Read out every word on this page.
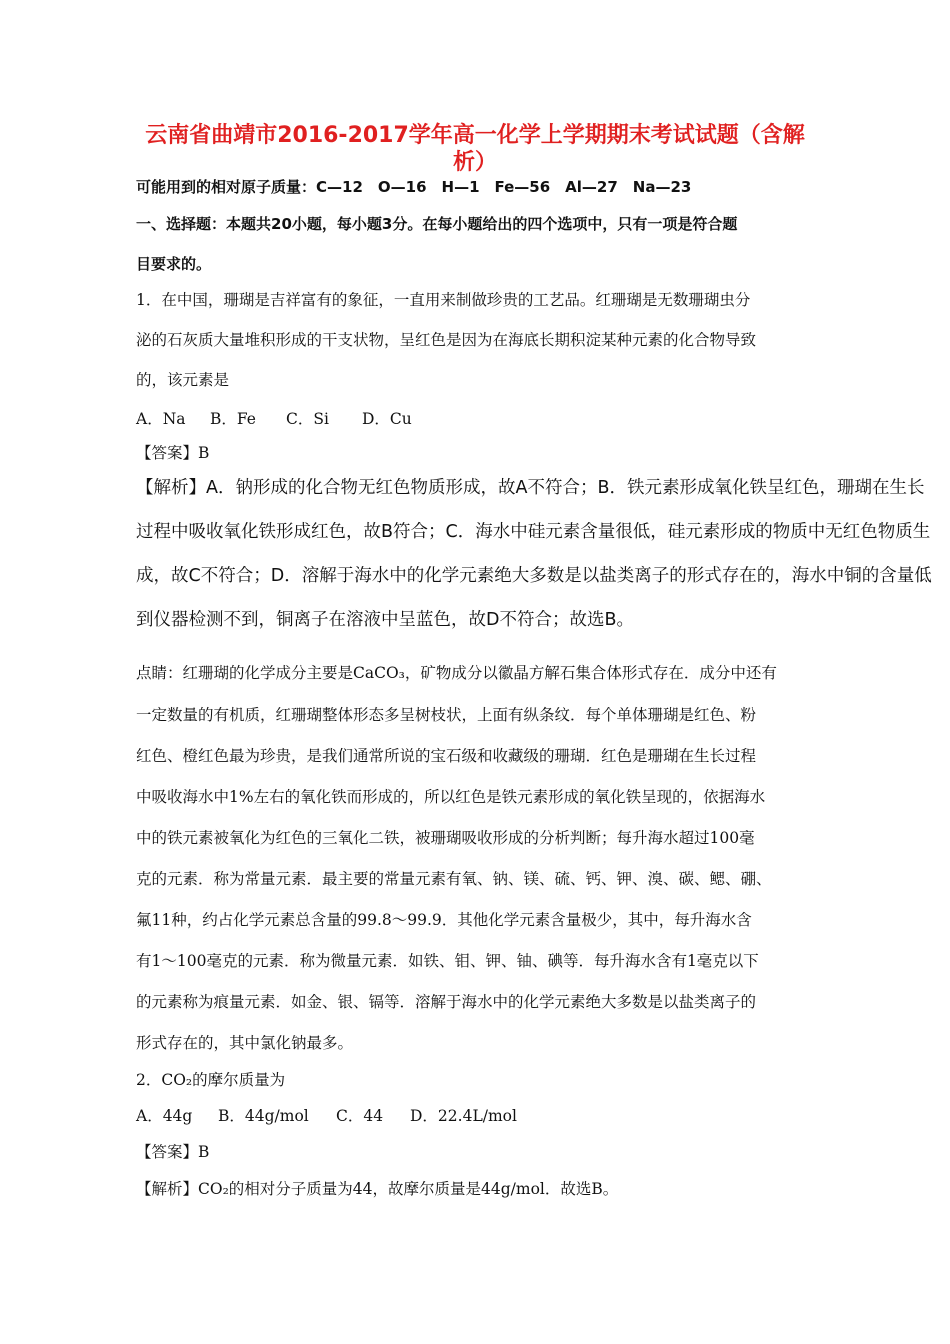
云南省曲靖市2016-2017学年高一化学上学期期末考试试题（含解
析）
可能用到的相对原子质量：C—12　O—16　H—1　Fe—56　Al—27　Na—23
一、选择题：本题共20小题，每小题3分。在每小题给出的四个选项中，只有一项是符合题
目要求的。
1．在中国，珊瑚是吉祥富有的象征，一直用来制做珍贵的工艺品。红珊瑚是无数珊瑚虫分
泌的石灰质大量堆积形成的干支状物，呈红色是因为在海底长期积淀某种元素的化合物导致
的，该元素是
A．Na B．Fe C．Si D．Cu
【答案】B
【解析】A．钠形成的化合物无红色物质形成，故A不符合；B．铁元素形成氧化铁呈红色，珊瑚在生长
过程中吸收氧化铁形成红色，故B符合；C．海水中硅元素含量很低，硅元素形成的物质中无红色物质生
成，故C不符合；D．溶解于海水中的化学元素绝大多数是以盐类离子的形式存在的，海水中铜的含量低
到仪器检测不到，铜离子在溶液中呈蓝色，故D不符合；故选B。
点睛：红珊瑚的化学成分主要是CaCO₃，矿物成分以徽晶方解石集合体形式存在．成分中还有
一定数量的有机质，红珊瑚整体形态多呈树枝状，上面有纵条纹．每个单体珊瑚是红色、粉
红色、橙红色最为珍贵，是我们通常所说的宝石级和收藏级的珊瑚．红色是珊瑚在生长过程
中吸收海水中1%左右的氧化铁而形成的，所以红色是铁元素形成的氧化铁呈现的，依据海水
中的铁元素被氧化为红色的三氧化二铁，被珊瑚吸收形成的分析判断；每升海水超过100毫
克的元素．称为常量元素．最主要的常量元素有氧、钠、镁、硫、钙、钾、溴、碳、鳃、硼、
氟11种，约占化学元素总含量的99.8～99.9．其他化学元素含量极少，其中，每升海水含
有1～100毫克的元素．称为微量元素．如铁、钼、钾、铀、碘等．每升海水含有1毫克以下
的元素称为痕量元素．如金、银、镉等．溶解于海水中的化学元素绝大多数是以盐类离子的
形式存在的，其中氯化钠最多。
2．CO₂的摩尔质量为
A．44g B．44g/mol C．44 D．22.4L/mol
【答案】B
【解析】CO₂的相对分子质量为44，故摩尔质量是44g/mol．故选B。
